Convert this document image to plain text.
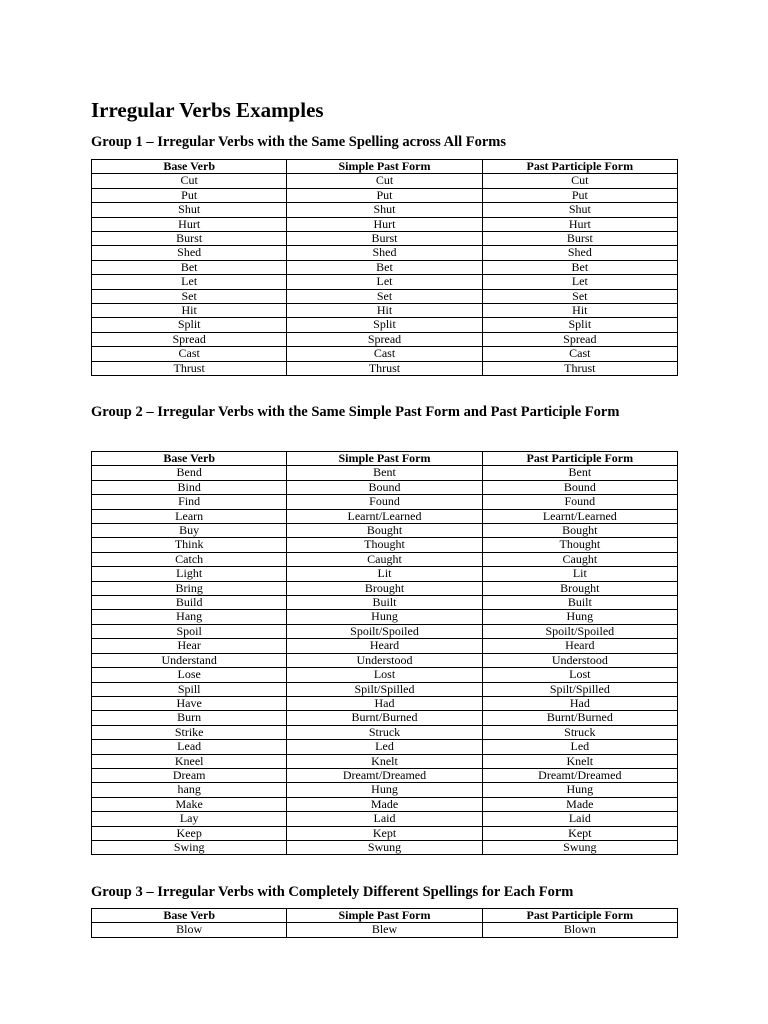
Irregular Verbs Examples
Group 1 – Irregular Verbs with the Same Spelling across All Forms
Base Verb	Simple Past Form	Past Participle Form
Cut	Cut	Cut
Put	Put	Put
Shut	Shut	Shut
Hurt	Hurt	Hurt
Burst	Burst	Burst
Shed	Shed	Shed
Bet	Bet	Bet
Let	Let	Let
Set	Set	Set
Hit	Hit	Hit
Split	Split	Split
Spread	Spread	Spread
Cast	Cast	Cast
Thrust	Thrust	Thrust
Group 2 – Irregular Verbs with the Same Simple Past Form and Past Participle Form
Base Verb	Simple Past Form	Past Participle Form
Bend	Bent	Bent
Bind	Bound	Bound
Find	Found	Found
Learn	Learnt/Learned	Learnt/Learned
Buy	Bought	Bought
Think	Thought	Thought
Catch	Caught	Caught
Light	Lit	Lit
Bring	Brought	Brought
Build	Built	Built
Hang	Hung	Hung
Spoil	Spoilt/Spoiled	Spoilt/Spoiled
Hear	Heard	Heard
Understand	Understood	Understood
Lose	Lost	Lost
Spill	Spilt/Spilled	Spilt/Spilled
Have	Had	Had
Burn	Burnt/Burned	Burnt/Burned
Strike	Struck	Struck
Lead	Led	Led
Kneel	Knelt	Knelt
Dream	Dreamt/Dreamed	Dreamt/Dreamed
hang	Hung	Hung
Make	Made	Made
Lay	Laid	Laid
Keep	Kept	Kept
Swing	Swung	Swung
Group 3 – Irregular Verbs with Completely Different Spellings for Each Form
Base Verb	Simple Past Form	Past Participle Form
Blow	Blew	Blown
